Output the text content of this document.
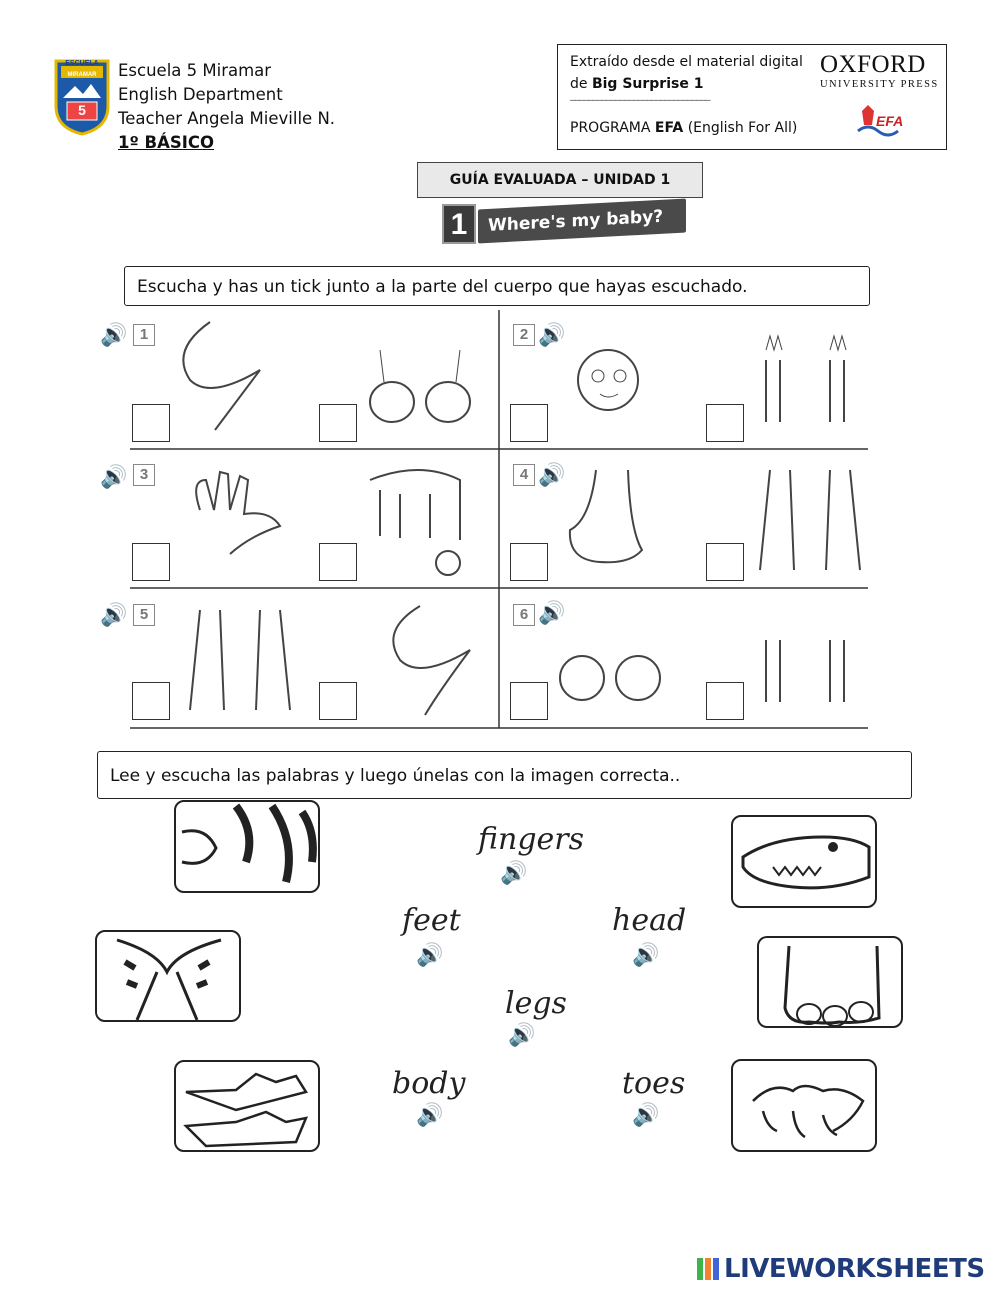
ESCUELA
MIRAMAR
5
Escuela 5 Miramar
English Department
Teacher Angela Mieville N.
1º BÁSICO
Extraído desde el material digital
de Big Surprise 1
_______________________________
PROGRAMA EFA (English For All)
OXFORD
UNIVERSITY PRESS
EFA
GUÍA EVALUADA – UNIDAD 1
1	Where's my baby?
Escucha y has un tick junto a la parte del cuerpo que hayas escuchado.
🔊 1	2 🔊
🔊 3	4 🔊
🔊 5	6 🔊
Lee y escucha las palabras y luego únelas con la imagen correcta..
fingers
feet	head
legs
body	toes
🔊
🔊	🔊
🔊
🔊	🔊
LIVEWORKSHEETS
